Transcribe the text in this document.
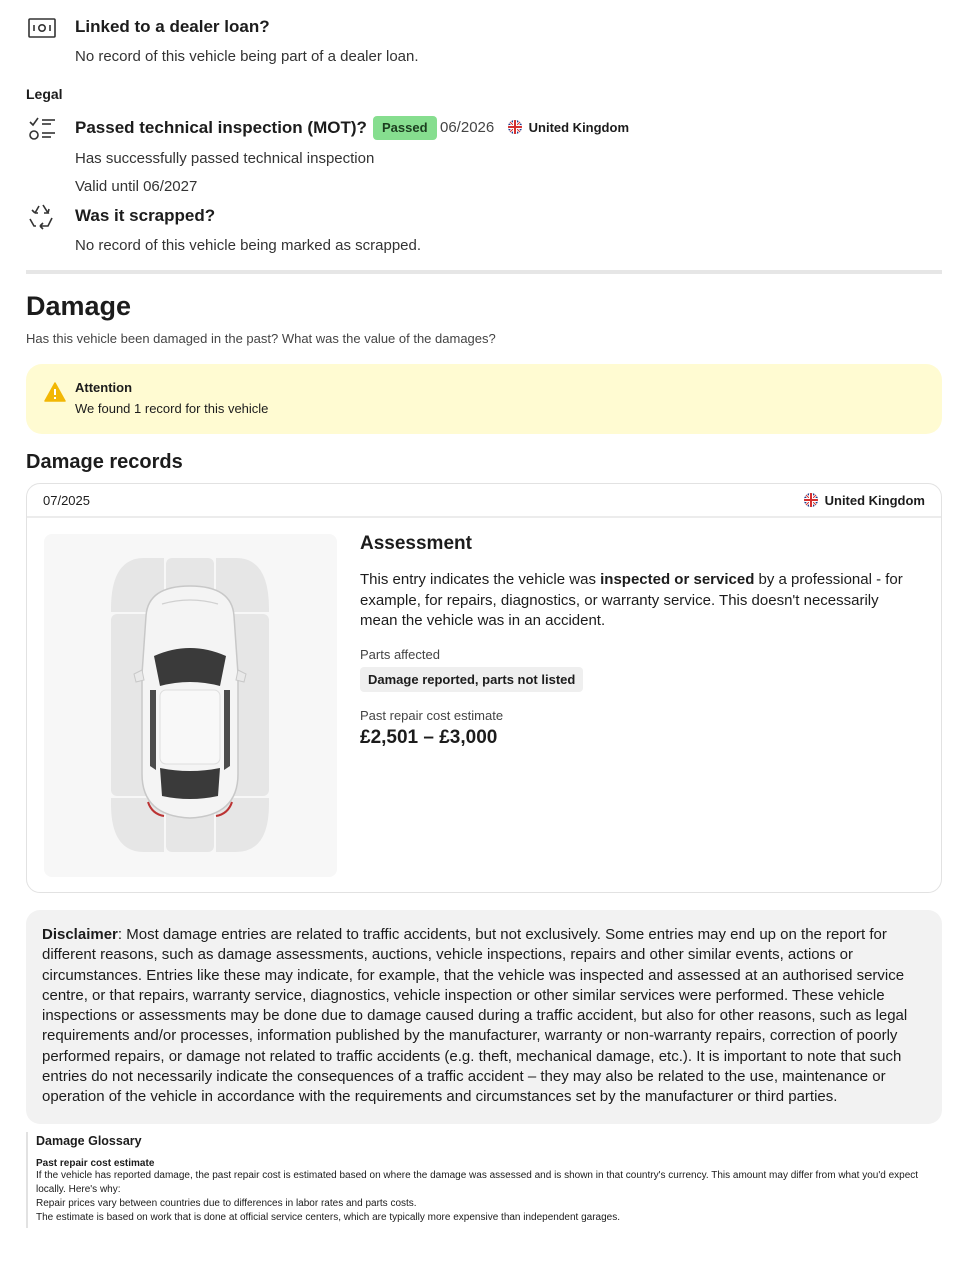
Linked to a dealer loan?
No record of this vehicle being part of a dealer loan.
Legal
Passed technical inspection (MOT)?	Passed 06/2026	United Kingdom
Has successfully passed technical inspection
Valid until 06/2027
Was it scrapped?
No record of this vehicle being marked as scrapped.
Damage
Has this vehicle been damaged in the past? What was the value of the damages?
Attention
We found 1 record for this vehicle
Damage records
07/2025	United Kingdom
Assessment
This entry indicates the vehicle was inspected or serviced by a professional - for example, for repairs, diagnostics, or warranty service. This doesn't necessarily mean the vehicle was in an accident.
Parts affected
Damage reported, parts not listed
Past repair cost estimate
£2,501 – £3,000
Disclaimer: Most damage entries are related to traffic accidents, but not exclusively. Some entries may end up on the report for different reasons, such as damage assessments, auctions, vehicle inspections, repairs and other similar events, actions or circumstances. Entries like these may indicate, for example, that the vehicle was inspected and assessed at an authorised service centre, or that repairs, warranty service, diagnostics, vehicle inspection or other similar services were performed. These vehicle inspections or assessments may be done due to damage caused during a traffic accident, but also for other reasons, such as legal requirements and/or processes, information published by the manufacturer, warranty or non-warranty repairs, correction of poorly performed repairs, or damage not related to traffic accidents (e.g. theft, mechanical damage, etc.). It is important to note that such entries do not necessarily indicate the consequences of a traffic accident – they may also be related to the use, maintenance or operation of the vehicle in accordance with the requirements and circumstances set by the manufacturer or third parties.
Damage Glossary
Past repair cost estimate
If the vehicle has reported damage, the past repair cost is estimated based on where the damage was assessed and is shown in that country's currency. This amount may differ from what you'd expect locally. Here's why:
Repair prices vary between countries due to differences in labor rates and parts costs.
The estimate is based on work that is done at official service centers, which are typically more expensive than independent garages.
